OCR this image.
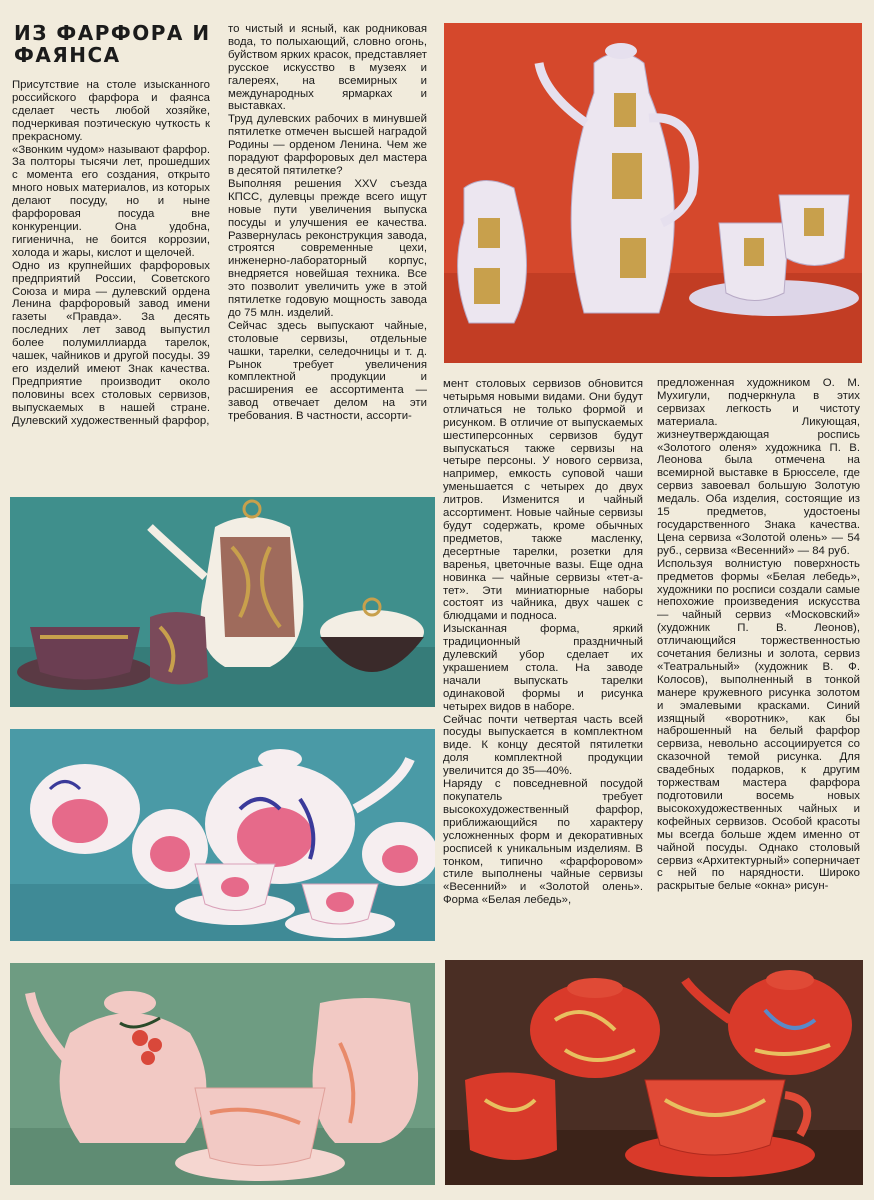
ИЗ ФАРФОРА И ФАЯНСА

Присутствие на столе изысканного российского фарфора и фаянса сделает честь любой хозяйке, подчеркивая поэтическую чуткость к прекрасному.

«Звонким чудом» называют фарфор. За полторы тысячи лет, прошедших с момента его создания, открыто много новых материалов, из которых делают посуду, но и ныне фарфоровая посуда вне конкуренции. Она удобна, гигиенична, не боится коррозии, холода и жары, кислот и щелочей.

Одно из крупнейших фарфоровых предприятий России, Советского Союза и мира — дулевский ордена Ленина фарфоровый завод имени газеты «Правда». За десять последних лет завод выпустил более полумиллиарда тарелок, чашек, чайников и другой посуды. 39 его изделий имеют Знак качества. Предприятие производит около половины всех столовых сервизов, выпускаемых в нашей стране. Дулевский художественный фарфор,

то чистый и ясный, как родниковая вода, то полыхающий, словно огонь, буйством ярких красок, представляет русское искусство в музеях и галереях, на всемирных и международных ярмарках и выставках.

Труд дулевских рабочих в минувшей пятилетке отмечен высшей наградой Родины — орденом Ленина. Чем же порадуют фарфоровых дел мастера в десятой пятилетке?

Выполняя решения XXV съезда КПСС, дулевцы прежде всего ищут новые пути увеличения выпуска посуды и улучшения ее качества. Развернулась реконструкция завода, строятся современные цехи, инженерно-лабораторный корпус, внедряется новейшая техника. Все это позволит увеличить уже в этой пятилетке годовую мощность завода до 75 млн. изделий.

Сейчас здесь выпускают чайные, столовые сервизы, отдельные чашки, тарелки, селедочницы и т. д. Рынок требует увеличения комплектной продукции и расширения ее ассортимента — завод отвечает делом на эти требования. В частности, ассорти-

мент столовых сервизов обновится четырьмя новыми видами. Они будут отличаться не только формой и рисунком. В отличие от выпускаемых шестиперсонных сервизов будут выпускаться также сервизы на четыре персоны. У нового сервиза, например, емкость суповой чаши уменьшается с четырех до двух литров. Изменится и чайный ассортимент. Новые чайные сервизы будут содержать, кроме обычных предметов, также масленку, десертные тарелки, розетки для варенья, цветочные вазы. Еще одна новинка — чайные сервизы «тет-а-тет». Эти миниатюрные наборы состоят из чайника, двух чашек с блюдцами и подноса.

Изысканная форма, яркий традиционный праздничный дулевский убор сделает их украшением стола. На заводе начали выпускать тарелки одинаковой формы и рисунка четырех видов в наборе.

Сейчас почти четвертая часть всей посуды выпускается в комплектном виде. К концу десятой пятилетки доля комплектной продукции увеличится до 35—40%.

Наряду с повседневной посудой покупатель требует высокохудожественный фарфор, приближающийся по характеру усложненных форм и декоративных росписей к уникальным изделиям. В тонком, типично «фарфоровом» стиле выполнены чайные сервизы «Весенний» и «Золотой олень». Форма «Белая лебедь»,

предложенная художником О. М. Мухигули, подчеркнула в этих сервизах легкость и чистоту материала. Ликующая, жизнеутверждающая роспись «Золотого оленя» художника П. В. Леонова была отмечена на всемирной выставке в Брюсселе, где сервиз завоевал большую Золотую медаль. Оба изделия, состоящие из 15 предметов, удостоены государственного Знака качества. Цена сервиза «Золотой олень» — 54 руб., сервиза «Весенний» — 84 руб.

Используя волнистую поверхность предметов формы «Белая лебедь», художники по росписи создали самые непохожие произведения искусства — чайный сервиз «Московский» (художник П. В. Леонов), отличающийся торжественностью сочетания белизны и золота, сервиз «Театральный» (художник В. Ф. Колосов), выполненный в тонкой манере кружевного рисунка золотом и эмалевыми красками. Синий изящный «воротник», как бы наброшенный на белый фарфор сервиза, невольно ассоциируется со сказочной темой рисунка. Для свадебных подарков, к другим торжествам мастера фарфора подготовили восемь новых высокохудожественных чайных и кофейных сервизов. Особой красоты мы всегда больше ждем именно от чайной посуды. Однако столовый сервиз «Архитектурный» соперничает с ней по нарядности. Широко раскрытые белые «окна» рисун-
